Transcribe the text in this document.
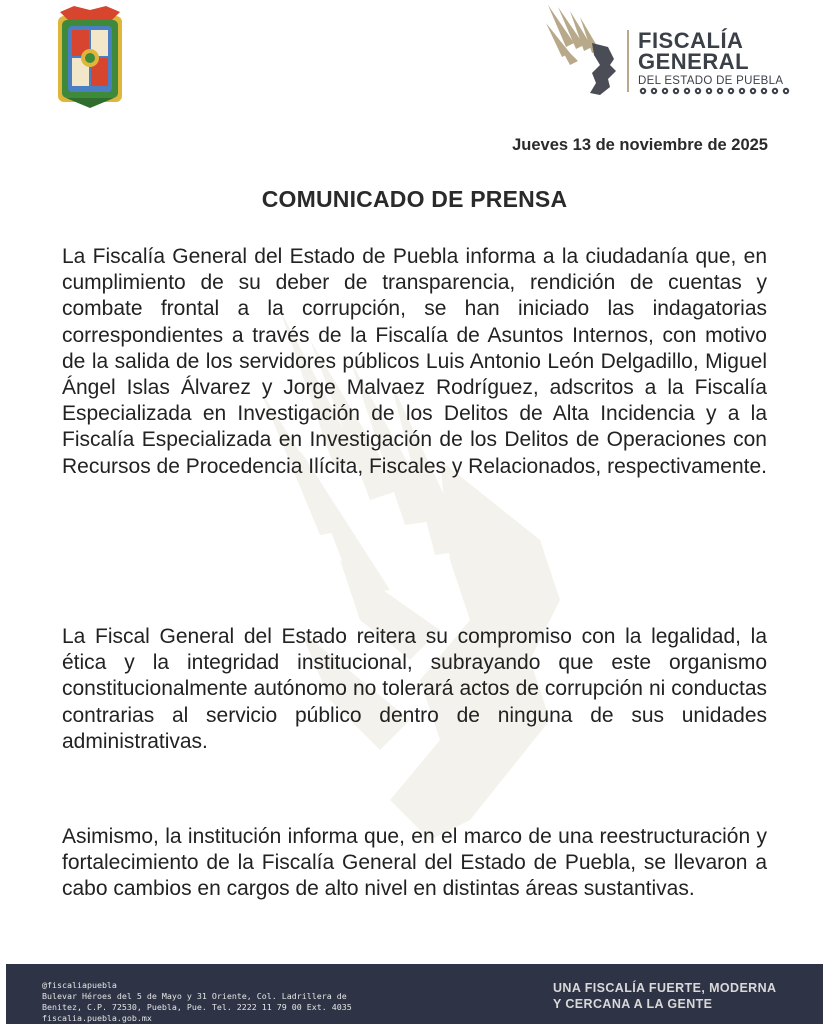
FISCALÍA
GENERAL
DEL ESTADO DE PUEBLA
Jueves 13 de noviembre de 2025
COMUNICADO DE PRENSA
La Fiscalía General del Estado de Puebla informa a la ciudadanía que, en cumplimiento de su deber de transparencia, rendición de cuentas y combate frontal a la corrupción, se han iniciado las indagatorias correspondientes a través de la Fiscalía de Asuntos Internos, con motivo de la salida de los servidores públicos Luis Antonio León Delgadillo, Miguel Ángel Islas Álvarez y Jorge Malvaez Rodríguez, adscritos a la Fiscalía Especializada en Investigación de los Delitos de Alta Incidencia y a la Fiscalía Especializada en Investigación de los Delitos de Operaciones con Recursos de Procedencia Ilícita, Fiscales y Relacionados, respectivamente.
La Fiscal General del Estado reitera su compromiso con la legalidad, la ética y la integridad institucional, subrayando que este organismo constitucionalmente autónomo no tolerará actos de corrupción ni conductas contrarias al servicio público dentro de ninguna de sus unidades administrativas.
Asimismo, la institución informa que, en el marco de una reestructuración y fortalecimiento de la Fiscalía General del Estado de Puebla, se llevaron a cabo cambios en cargos de alto nivel en distintas áreas sustantivas.
@fiscaliapuebla
Bulevar Héroes del 5 de Mayo y 31 Oriente, Col. Ladrillera de
Benitez, C.P. 72530, Puebla, Pue. Tel. 2222 11 79 00 Ext. 4035
fiscalia.puebla.gob.mx
UNA FISCALÍA FUERTE, MODERNA
Y CERCANA A LA GENTE
